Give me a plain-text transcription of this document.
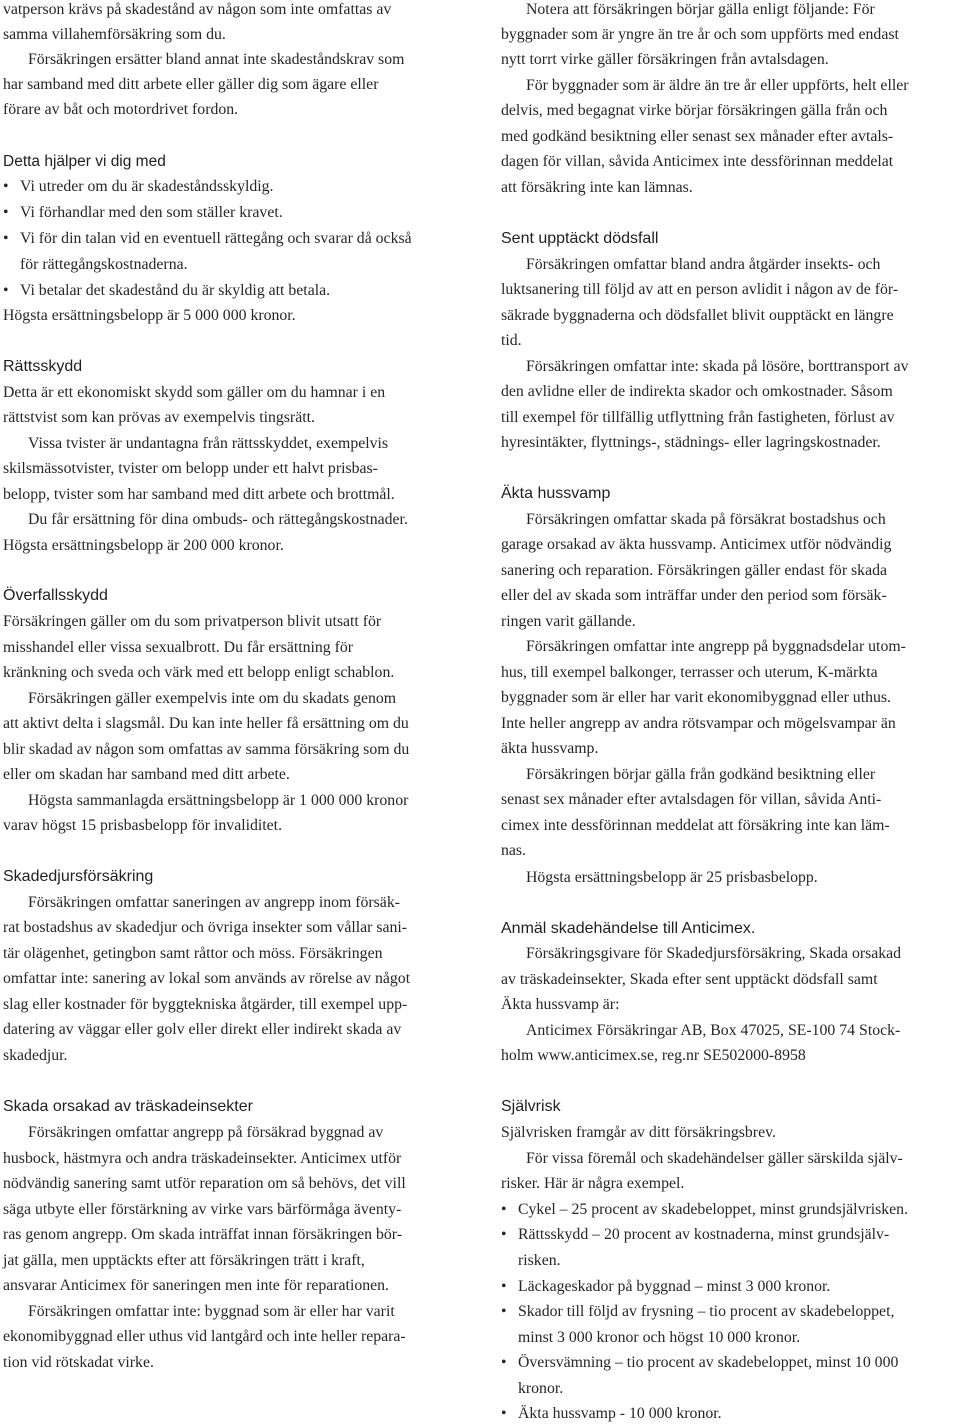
vatperson krävs på skadestånd av någon som inte omfattas av
samma villahemförsäkring som du.
Försäkringen ersätter bland annat inte skadeståndskrav som
har samband med ditt arbete eller gäller dig som ägare eller
förare av båt och motordrivet fordon.
Detta hjälper vi dig med
• Vi utreder om du är skadeståndsskyldig.
• Vi förhandlar med den som ställer kravet.
• Vi för din talan vid en eventuell rättegång och svarar då också
för rättegångskostnaderna.
• Vi betalar det skadestånd du är skyldig att betala.
Högsta ersättningsbelopp är 5 000 000 kronor.
Rättsskydd
Detta är ett ekonomiskt skydd som gäller om du hamnar i en
rättstvist som kan prövas av exempelvis tingsrätt.
Vissa tvister är undantagna från rättsskyddet, exempelvis
skilsmässotvister, tvister om belopp under ett halvt prisbas-
belopp, tvister som har samband med ditt arbete och brottmål.
Du får ersättning för dina ombuds- och rättegångskostnader.
Högsta ersättningsbelopp är 200 000 kronor.
Överfallsskydd
Försäkringen gäller om du som privatperson blivit utsatt för
misshandel eller vissa sexualbrott. Du får ersättning för
kränkning och sveda och värk med ett belopp enligt schablon.
Försäkringen gäller exempelvis inte om du skadats genom
att aktivt delta i slagsmål. Du kan inte heller få ersättning om du
blir skadad av någon som omfattas av samma försäkring som du
eller om skadan har samband med ditt arbete.
Högsta sammanlagda ersättningsbelopp är 1 000 000 kronor
varav högst 15 prisbasbelopp för invaliditet.
Skadedjursförsäkring
Försäkringen omfattar saneringen av angrepp inom försäk-
rat bostadshus av skadedjur och övriga insekter som vållar sani-
tär olägenhet, getingbon samt råttor och möss. Försäkringen
omfattar inte: sanering av lokal som används av rörelse av något
slag eller kostnader för byggtekniska åtgärder, till exempel upp-
datering av väggar eller golv eller direkt eller indirekt skada av
skadedjur.
Skada orsakad av träskadeinsekter
Försäkringen omfattar angrepp på försäkrad byggnad av
husbock, hästmyra och andra träskadeinsekter. Anticimex utför
nödvändig sanering samt utför reparation om så behövs, det vill
säga utbyte eller förstärkning av virke vars bärförmåga äventy-
ras genom angrepp. Om skada inträffat innan försäkringen bör-
jat gälla, men upptäckts efter att försäkringen trätt i kraft,
ansvarar Anticimex för saneringen men inte för reparationen.
Försäkringen omfattar inte: byggnad som är eller har varit
ekonomibyggnad eller uthus vid lantgård och inte heller repara-
tion vid rötskadat virke.
Notera att försäkringen börjar gälla enligt följande: För
byggnader som är yngre än tre år och som uppförts med endast
nytt torrt virke gäller försäkringen från avtalsdagen.
För byggnader som är äldre än tre år eller uppförts, helt eller
delvis, med begagnat virke börjar försäkringen gälla från och
med godkänd besiktning eller senast sex månader efter avtals-
dagen för villan, såvida Anticimex inte dessförinnan meddelat
att försäkring inte kan lämnas.
Sent upptäckt dödsfall
Försäkringen omfattar bland andra åtgärder insekts- och
luktsanering till följd av att en person avlidit i någon av de för-
säkrade byggnaderna och dödsfallet blivit oupptäckt en längre
tid.
Försäkringen omfattar inte: skada på lösöre, borttransport av
den avlidne eller de indirekta skador och omkostnader. Såsom
till exempel för tillfällig utflyttning från fastigheten, förlust av
hyresintäkter, flyttnings-, städnings- eller lagringskostnader.
Äkta hussvamp
Försäkringen omfattar skada på försäkrat bostadshus och
garage orsakad av äkta hussvamp. Anticimex utför nödvändig
sanering och reparation. Försäkringen gäller endast för skada
eller del av skada som inträffar under den period som försäk-
ringen varit gällande.
Försäkringen omfattar inte angrepp på byggnadsdelar utom-
hus, till exempel balkonger, terrasser och uterum, K-märkta
byggnader som är eller har varit ekonomibyggnad eller uthus.
Inte heller angrepp av andra rötsvampar och mögelsvampar än
äkta hussvamp.
Försäkringen börjar gälla från godkänd besiktning eller
senast sex månader efter avtalsdagen för villan, såvida Anti-
cimex inte dessförinnan meddelat att försäkring inte kan läm-
nas.
Högsta ersättningsbelopp är 25 prisbasbelopp.
Anmäl skadehändelse till Anticimex.
Försäkringsgivare för Skadedjursförsäkring, Skada orsakad
av träskadeinsekter, Skada efter sent upptäckt dödsfall samt
Äkta hussvamp är:
Anticimex Försäkringar AB, Box 47025, SE-100 74 Stock-
holm www.anticimex.se, reg.nr SE502000-8958
Självrisk
Självrisken framgår av ditt försäkringsbrev.
För vissa föremål och skadehändelser gäller särskilda själv-
risker. Här är några exempel.
• Cykel – 25 procent av skadebeloppet, minst grundsjälvrisken.
• Rättsskydd – 20 procent av kostnaderna, minst grundsjälv-
risken.
• Läckageskador på byggnad – minst 3 000 kronor.
• Skador till följd av frysning – tio procent av skadebeloppet,
minst 3 000 kronor och högst 10 000 kronor.
• Översvämning – tio procent av skadebeloppet, minst 10 000
kronor.
• Äkta hussvamp - 10 000 kronor.
